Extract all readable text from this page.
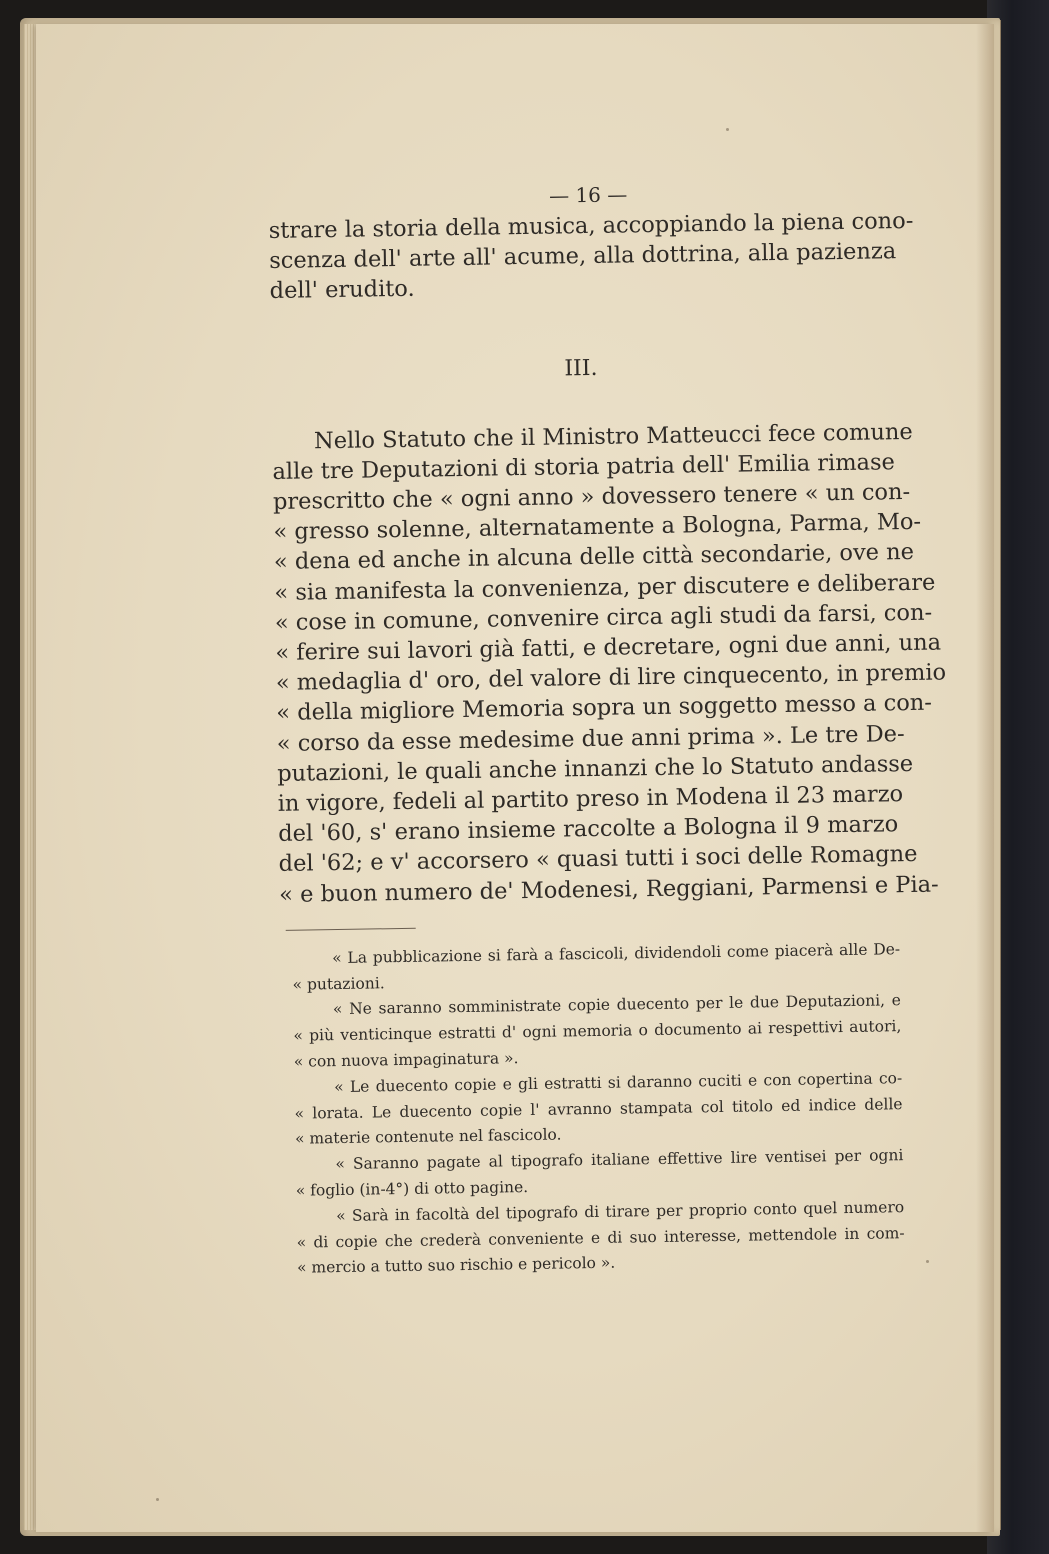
— 16 —
strare la storia della musica, accoppiando la piena cono-
scenza dell' arte all' acume, alla dottrina, alla pazienza
dell' erudito.
III.
Nello Statuto che il Ministro Matteucci fece comune
alle tre Deputazioni di storia patria dell' Emilia rimase
prescritto che « ogni anno » dovessero tenere « un con-
« gresso solenne, alternatamente a Bologna, Parma, Mo-
« dena ed anche in alcuna delle città secondarie, ove ne
« sia manifesta la convenienza, per discutere e deliberare
« cose in comune, convenire circa agli studi da farsi, con-
« ferire sui lavori già fatti, e decretare, ogni due anni, una
« medaglia d' oro, del valore di lire cinquecento, in premio
« della migliore Memoria sopra un soggetto messo a con-
« corso da esse medesime due anni prima ». Le tre De-
putazioni, le quali anche innanzi che lo Statuto andasse
in vigore, fedeli al partito preso in Modena il 23 marzo
del '60, s' erano insieme raccolte a Bologna il 9 marzo
del '62; e v' accorsero « quasi tutti i soci delle Romagne
« e buon numero de' Modenesi, Reggiani, Parmensi e Pia-
« La pubblicazione si farà a fascicoli, dividendoli come piacerà alle De-
« putazioni.
« Ne saranno somministrate copie duecento per le due Deputazioni, e
« più venticinque estratti d' ogni memoria o documento ai respettivi autori,
« con nuova impaginatura ».
« Le duecento copie e gli estratti si daranno cuciti e con copertina co-
« lorata. Le duecento copie l' avranno stampata col titolo ed indice delle
« materie contenute nel fascicolo.
« Saranno pagate al tipografo italiane effettive lire ventisei per ogni
« foglio (in-4°) di otto pagine.
« Sarà in facoltà del tipografo di tirare per proprio conto quel numero
« di copie che crederà conveniente e di suo interesse, mettendole in com-
« mercio a tutto suo rischio e pericolo ».
